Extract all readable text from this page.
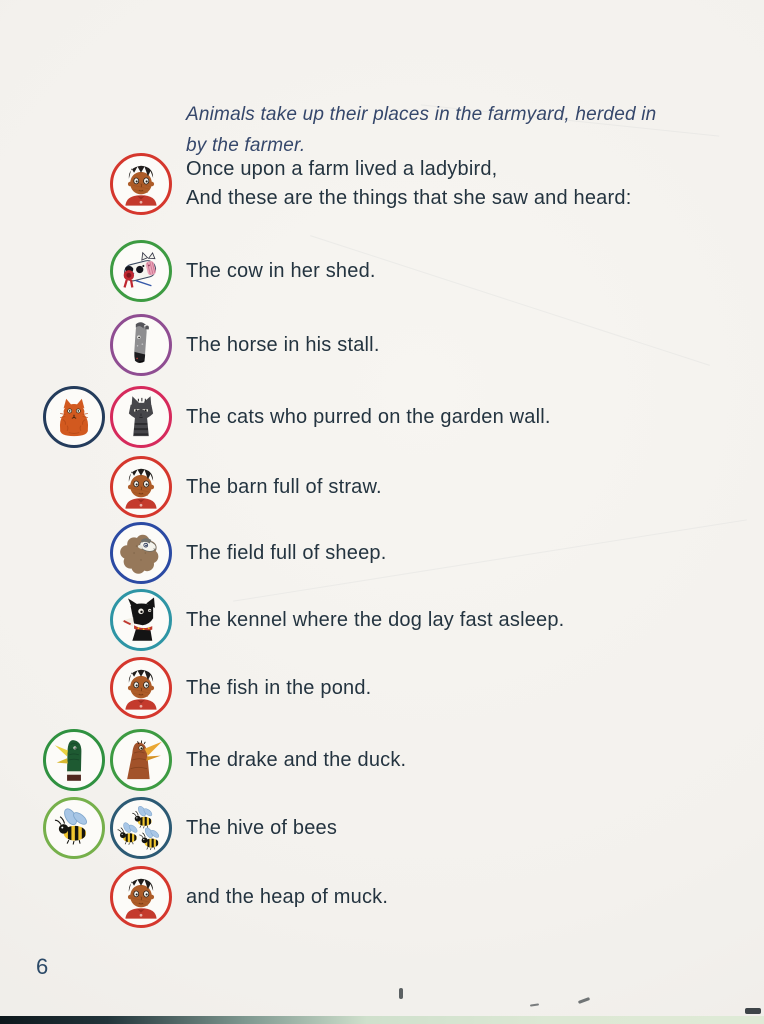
Animals take up their places in the farmyard, herded in
by the farmer.

Once upon a farm lived a ladybird,
And these are the things that she saw and heard:
The cow in her shed.
The horse in his stall.
The cats who purred on the garden wall.
The barn full of straw.
The field full of sheep.
The kennel where the dog lay fast asleep.
The fish in the pond.
The drake and the duck.
The hive of bees
and the heap of muck.
6
